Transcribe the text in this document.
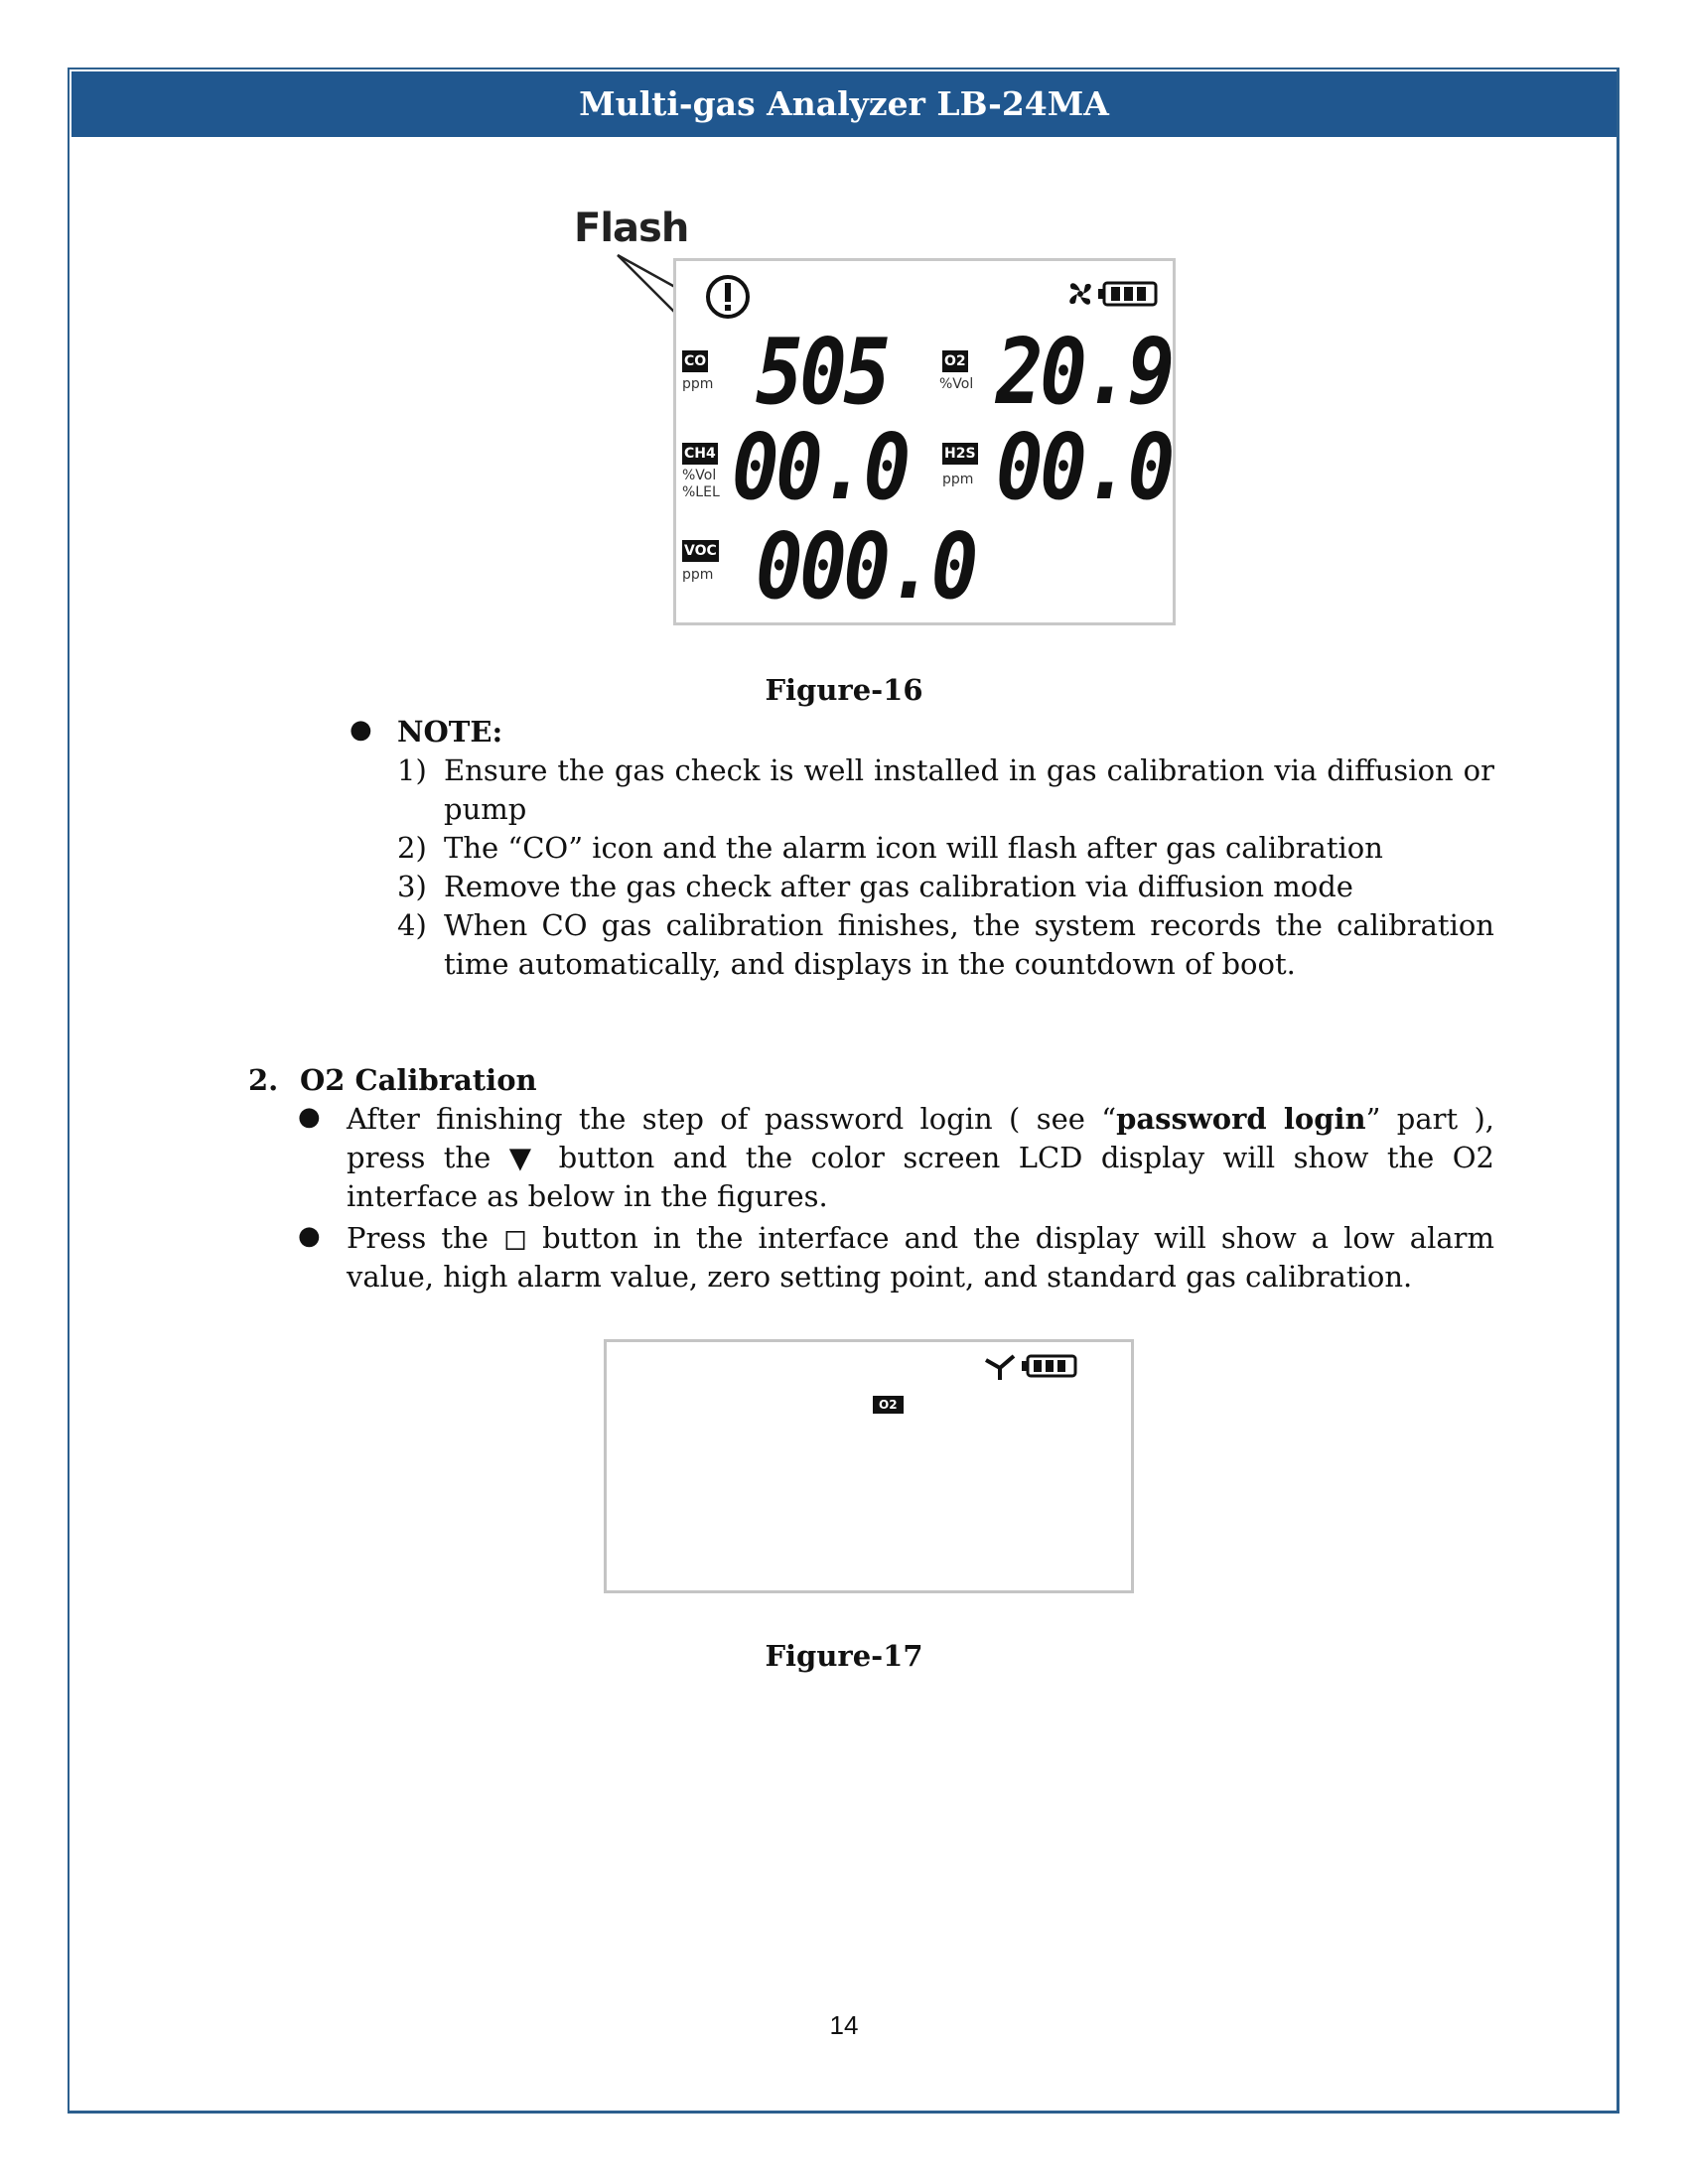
Multi-gas Analyzer LB-24MA
Flash
CO
ppm 505	O2
%Vol 20.9
CH4
%Vol
%LEL 00.0	H2S
ppm 00.0
VOC
ppm 000.0
Figure-16
● NOTE:
1) Ensure the gas check is well installed in gas calibration via diffusion or pump
2) The “CO” icon and the alarm icon will flash after gas calibration
3) Remove the gas check after gas calibration via diffusion mode
4) When CO gas calibration finishes, the system records the calibration time automatically, and displays in the countdown of boot.
2. O2 Calibration
● After finishing the step of password login ( see “password login” part ), press the ▼ button and the color screen LCD display will show the O2 interface as below in the figures.
● Press the ◻ button in the interface and the display will show a low alarm value, high alarm value, zero setting point, and standard gas calibration.
O2
Figure-17
14
